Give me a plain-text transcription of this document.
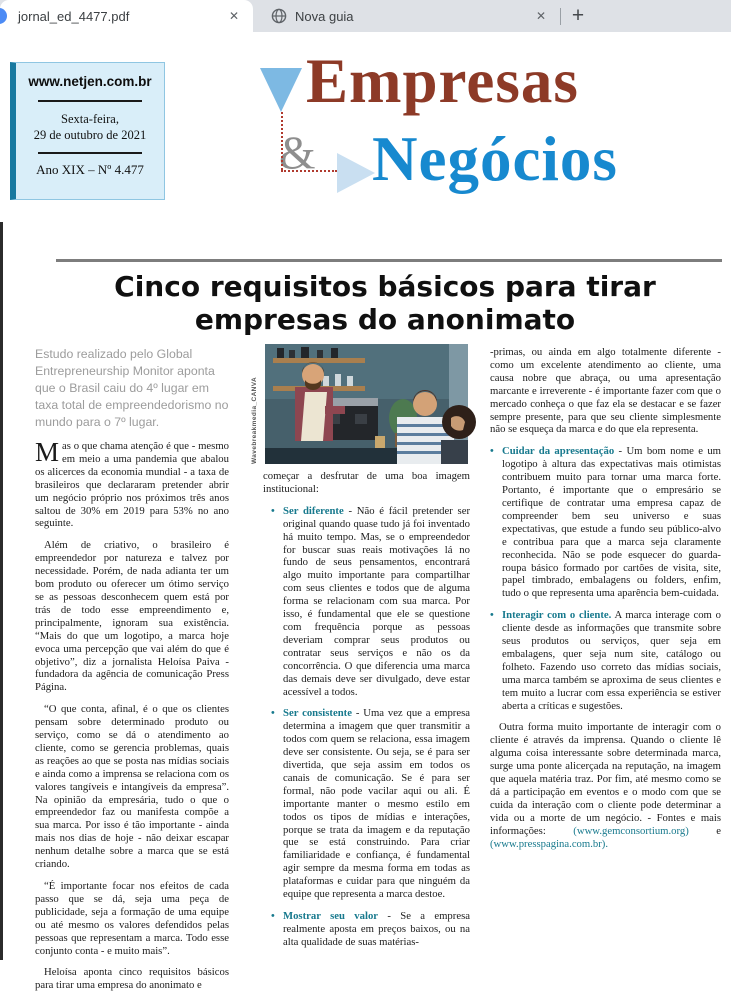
jornal_ed_4477.pdf	✕	Nova guia	✕	+
www.netjen.com.br
Sexta-feira,
29 de outubro de 2021
Ano XIX – Nº 4.477
Empresas
& Negócios
Cinco requisitos básicos para tirar
empresas do anonimato
Wavebreakmedia_CANVA

Estudo realizado pelo Global Entrepreneurship Monitor aponta que o Brasil caiu do 4º lugar em taxa total de empreendedorismo no mundo para o 7º lugar.

Mas o que chama atenção é que - mesmo em meio a uma pandemia que abalou os alicerces da economia mundial - a taxa de brasileiros que declararam pretender abrir um negócio próprio nos próximos três anos saltou de 30% em 2019 para 53% no ano seguinte.

Além de criativo, o brasileiro é empreendedor por natureza e talvez por necessidade. Porém, de nada adianta ter um bom produto ou oferecer um ótimo serviço se as pessoas desconhecem quem está por trás de todo esse empreendimento e, principalmente, ignoram sua existência. “Mais do que um logotipo, a marca hoje evoca uma percepção que vai além do que é objetivo”, diz a jornalista Heloísa Paiva - fundadora da agência de comunicação Press Página.

“O que conta, afinal, é o que os clientes pensam sobre determinado produto ou serviço, como se dá o atendimento ao cliente, como se gerencia problemas, quais as reações ao que se posta nas mídias sociais e ainda como a imprensa se relaciona com os valores tangíveis e intangíveis da empresa”. Na opinião da empresária, tudo o que o empreendedor faz ou manifesta compõe a sua marca. Por isso é tão importante - ainda mais nos dias de hoje - não deixar escapar nenhum detalhe sobre a marca que se está criando.

“É importante focar nos efeitos de cada passo que se dá, seja uma peça de publicidade, seja a formação de uma equipe ou até mesmo os valores defendidos pelas pessoas que representam a marca. Todo esse conjunto conta - e muito mais”.

Heloísa aponta cinco requisitos básicos para tirar uma empresa do anonimato e

começar a desfrutar de uma boa imagem institucional:

• Ser diferente - Não é fácil pretender ser original quando quase tudo já foi inventado há muito tempo. Mas, se o empreendedor for buscar suas reais motivações lá no fundo de seus pensamentos, encontrará algo muito importante para compartilhar com seus clientes e todos que de alguma forma se relacionam com sua marca. Por isso, é fundamental que ele se questione com frequência porque as pessoas deveriam comprar seus produtos ou contratar seus serviços e não os da concorrência. O que diferencia uma marca das demais deve ser divulgado, deve estar acessível a todos.
• Ser consistente - Uma vez que a empresa determina a imagem que quer transmitir a todos com quem se relaciona, essa imagem deve ser consistente. Ou seja, se é para ser divertida, que seja assim em todos os canais de comunicação. Se é para ser formal, não pode vacilar aqui ou ali. É importante manter o mesmo estilo em todos os tipos de mídias e interações, porque se trata da imagem e da reputação que se está construindo. Para criar familiaridade e confiança, é fundamental agir sempre da mesma forma em todas as plataformas e cuidar para que ninguém da equipe que representa a marca destoe.
• Mostrar seu valor - Se a empresa realmente aposta em preços baixos, ou na alta qualidade de suas matérias-

-primas, ou ainda em algo totalmente diferente - como um excelente atendimento ao cliente, uma causa nobre que abraça, ou uma apresentação marcante e irreverente - é importante fazer com que o mercado conheça o que faz ela se destacar e se fazer sempre presente, para que seu cliente simplesmente não se esqueça da marca e do que ela representa.

• Cuidar da apresentação - Um bom nome e um logotipo à altura das expectativas mais otimistas contribuem muito para tornar uma marca forte. Portanto, é importante que o empresário se certifique de contratar uma empresa capaz de compreender bem seu universo e suas expectativas, que estude a fundo seu público-alvo e contribua para que a marca seja claramente reconhecida. Não se pode esquecer do guarda-roupa básico formado por cartões de visita, site, papel timbrado, embalagens ou folders, enfim, tudo o que representa uma aparência bem-cuidada.
• Interagir com o cliente. A marca interage com o cliente desde as informações que transmite sobre seus produtos ou serviços, quer seja em embalagens, quer seja num site, catálogo ou folheto. Fazendo uso correto das mídias sociais, uma marca também se aproxima de seus clientes e tem muito a lucrar com essa experiência se estiver aberta a críticas e sugestões.

Outra forma muito importante de interagir com o cliente é através da imprensa. Quando o cliente lê alguma coisa interessante sobre determinada marca, surge uma ponte alicerçada na reputação, na imagem que aquela matéria traz. Por fim, até mesmo como se dá a participação em eventos e o modo com que se cuida da interação com o cliente pode determinar a vida ou a morte de um negócio. - Fontes e mais informações: (www.gemconsortium.org) e (www.presspagina.com.br).
